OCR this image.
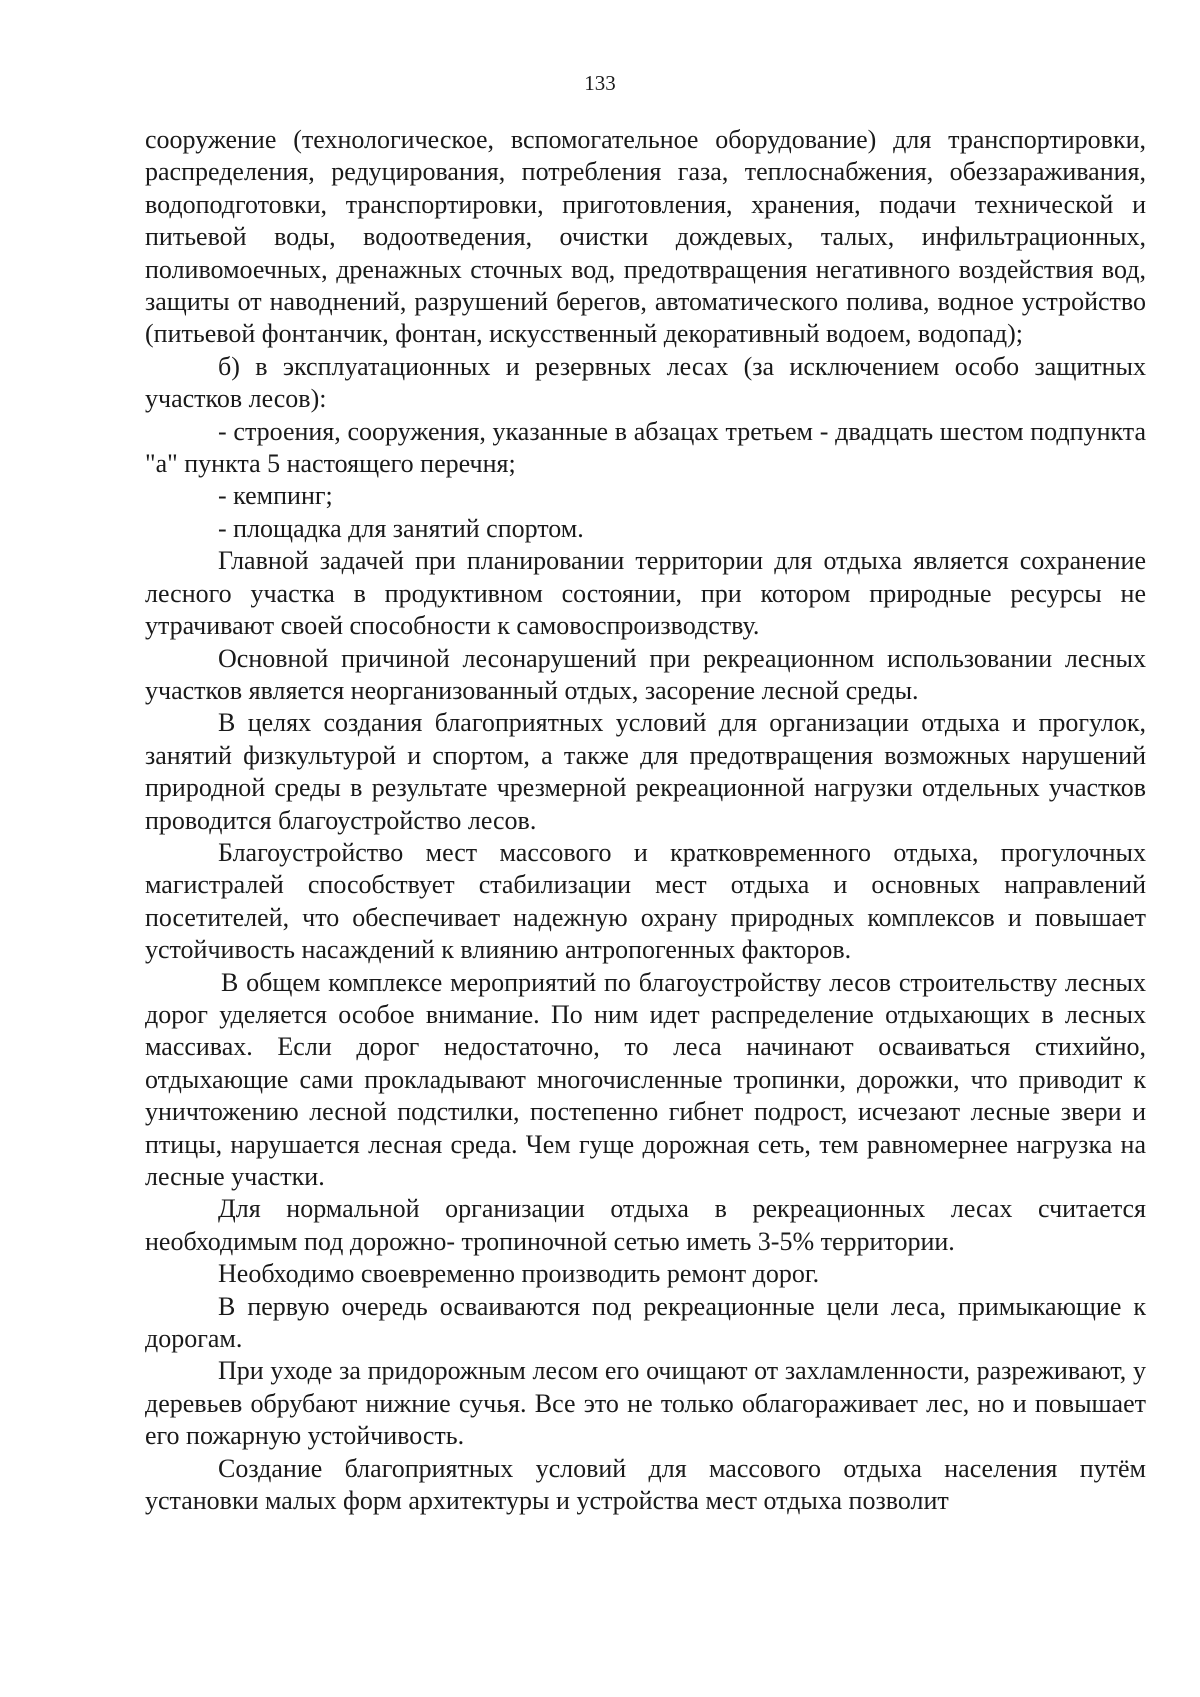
133

сооружение (технологическое, вспомогательное оборудование) для транспортировки, распределения, редуцирования, потребления газа, теплоснабжения, обеззараживания, водоподготовки, транспортировки, приготовления, хранения, подачи технической и питьевой воды, водоотведения, очистки дождевых, талых, инфильтрационных, поливомоечных, дренажных сточных вод, предотвращения негативного воздействия вод, защиты от наводнений, разрушений берегов, автоматического полива, водное устройство (питьевой фонтанчик, фонтан, искусственный декоративный водоем, водопад);

б) в эксплуатационных и резервных лесах (за исключением особо защитных участков лесов):

- строения, сооружения, указанные в абзацах третьем - двадцать шестом подпункта "а" пункта 5 настоящего перечня;

- кемпинг;

- площадка для занятий спортом.

Главной задачей при планировании территории для отдыха является сохранение лесного участка в продуктивном состоянии, при котором природные ресурсы не утрачивают своей способности к самовоспроизводству.

Основной причиной лесонарушений при рекреационном использовании лесных участков является неорганизованный отдых, засорение лесной среды.

В целях создания благоприятных условий для организации отдыха и прогулок, занятий физкультурой и спортом, а также для предотвращения возможных нарушений природной среды в результате чрезмерной рекреационной нагрузки отдельных участков проводится благоустройство лесов.

Благоустройство мест массового и кратковременного отдыха, прогулочных магистралей способствует стабилизации мест отдыха и основных направлений посетителей, что обеспечивает надежную охрану природных комплексов и повышает устойчивость насаждений к влиянию антропогенных факторов.

В общем комплексе мероприятий по благоустройству лесов строительству лесных дорог уделяется особое внимание. По ним идет распределение отдыхающих в лесных массивах. Если дорог недостаточно, то леса начинают осваиваться стихийно, отдыхающие сами прокладывают многочисленные тропинки, дорожки, что приводит к уничтожению лесной подстилки, постепенно гибнет подрост, исчезают лесные звери и птицы, нарушается лесная среда. Чем гуще дорожная сеть, тем равномернее нагрузка на лесные участки.

Для нормальной организации отдыха в рекреационных лесах считается необходимым под дорожно- тропиночной сетью иметь 3-5% территории.

Необходимо своевременно производить ремонт дорог.

В первую очередь осваиваются под рекреационные цели леса, примыкающие к дорогам.

При уходе за придорожным лесом его очищают от захламленности, разреживают, у деревьев обрубают нижние сучья. Все это не только облагораживает лес, но и повышает его пожарную устойчивость.

Создание благоприятных условий для массового отдыха населения путём установки малых форм архитектуры и устройства мест отдыха позволит
